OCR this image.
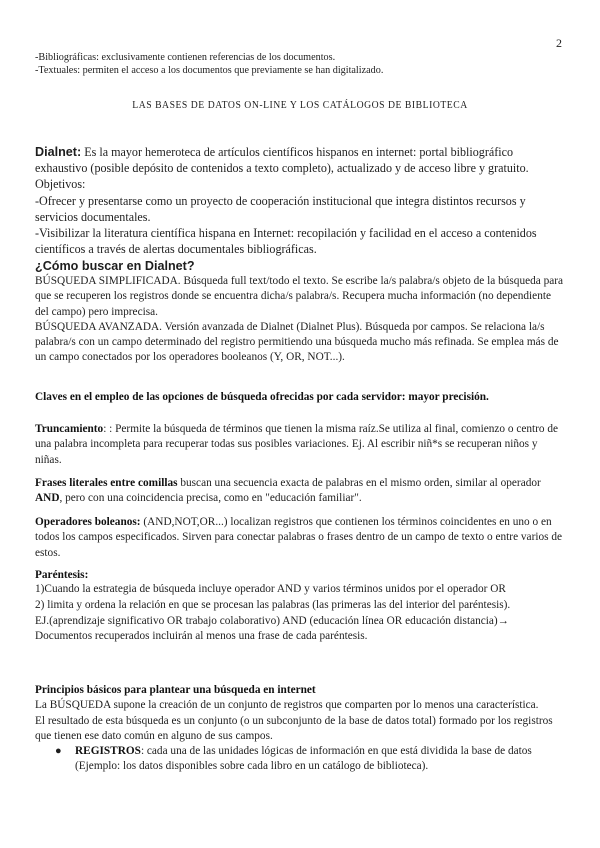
2
-Bibliográficas: exclusivamente contienen referencias de los documentos.
-Textuales: permiten el acceso a los documentos que previamente se han digitalizado.
LAS BASES DE DATOS ON-LINE Y LOS CATÁLOGOS DE BIBLIOTECA
Dialnet: Es la mayor hemeroteca de artículos científicos hispanos en internet: portal bibliográfico exhaustivo (posible depósito de contenidos a texto completo), actualizado y de acceso libre y gratuito.
Objetivos:
-Ofrecer y presentarse como un proyecto de cooperación institucional que integra distintos recursos y servicios documentales.
-Visibilizar la literatura científica hispana en Internet: recopilación y facilidad en el acceso a contenidos científicos a través de alertas documentales bibliográficas.
¿Cómo buscar en Dialnet?
BÚSQUEDA SIMPLIFICADA. Búsqueda full text/todo el texto. Se escribe la/s palabra/s objeto de la búsqueda para que se recuperen los registros donde se encuentra dicha/s palabra/s. Recupera mucha información (no dependiente del campo) pero imprecisa.
BÚSQUEDA AVANZADA. Versión avanzada de Dialnet (Dialnet Plus). Búsqueda por campos. Se relaciona la/s palabra/s con un campo determinado del registro permitiendo una búsqueda mucho más refinada. Se emplea más de un campo conectados por los operadores booleanos (Y, OR, NOT...).
Claves en el empleo de las opciones de búsqueda ofrecidas por cada servidor: mayor precisión.
Truncamiento: : Permite la búsqueda de términos que tienen la misma raíz.Se utiliza al final, comienzo o centro de una palabra incompleta para recuperar todas sus posibles variaciones. Ej. Al escribir niñ*s se recuperan niños y niñas.
Frases literales entre comillas buscan una secuencia exacta de palabras en el mismo orden, similar al operador AND, pero con una coincidencia precisa, como en "educación familiar".
Operadores boleanos: (AND,NOT,OR...) localizan registros que contienen los términos coincidentes en uno o en todos los campos especificados. Sirven para conectar palabras o frases dentro de un campo de texto o entre varios de estos.
Paréntesis:
1)Cuando la estrategia de búsqueda incluye operador AND y varios términos unidos por el operador OR
2) limita y ordena la relación en que se procesan las palabras (las primeras las del interior del paréntesis).
EJ.(aprendizaje significativo OR trabajo colaborativo) AND (educación línea OR educación distancia)→ Documentos recuperados incluirán al menos una frase de cada paréntesis.
Principios básicos para plantear una búsqueda en internet
La BÚSQUEDA supone la creación de un conjunto de registros que comparten por lo menos una característica.
El resultado de esta búsqueda es un conjunto (o un subconjunto de la base de datos total) formado por los registros que tienen ese dato común en alguno de sus campos.
●	REGISTROS: cada una de las unidades lógicas de información en que está dividida la base de datos (Ejemplo: los datos disponibles sobre cada libro en un catálogo de biblioteca).
